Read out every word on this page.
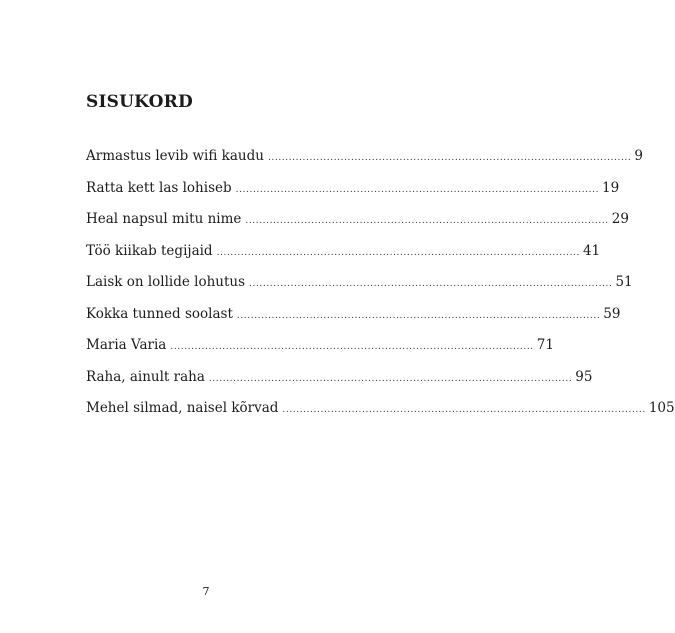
SISUKORD
Armastus levib wifi kaudu ......................................................................................................... 9
Ratta kett las lohiseb ......................................................................................................... 19
Heal napsul mitu nime ......................................................................................................... 29
Töö kiikab tegijaid ......................................................................................................... 41
Laisk on lollide lohutus ......................................................................................................... 51
Kokka tunned soolast ......................................................................................................... 59
Maria Varia ......................................................................................................... 71
Raha, ainult raha ......................................................................................................... 95
Mehel silmad, naisel kõrvad ......................................................................................................... 105
7
